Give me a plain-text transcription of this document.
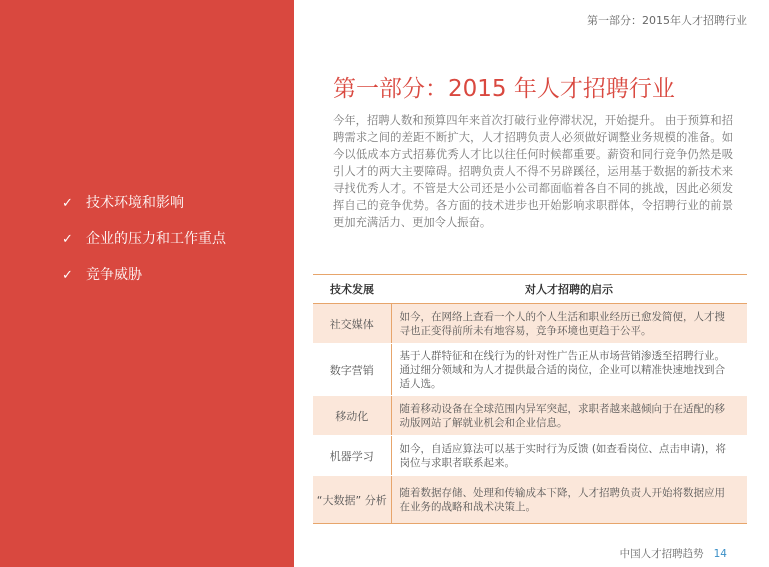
✓ 技术环境和影响
✓ 企业的压力和工作重点
✓ 竞争威胁
第一部分：2015年人才招聘行业
第一部分：2015 年人才招聘行业

今年，招聘人数和预算四年来首次打破行业停滞状况，开始提升。 由于预算和招聘需求之间的差距不断扩大，人才招聘负责人必须做好调整业务规模的准备。如今以低成本方式招募优秀人才比以往任何时候都重要。薪资和同行竞争仍然是吸引人才的两大主要障碍。招聘负责人不得不另辟蹊径，运用基于数据的新技术来寻找优秀人才。不管是大公司还是小公司都面临着各自不同的挑战，因此必须发挥自己的竞争优势。各方面的技术进步也开始影响求职群体，令招聘行业的前景更加充满活力、更加令人振奋。

技术发展	对人才招聘的启示
社交媒体	如今，在网络上查看一个人的个人生活和职业经历已愈发简便，人才搜寻也正变得前所未有地容易，竞争环境也更趋于公平。
数字营销	基于人群特征和在线行为的针对性广告正从市场营销渗透至招聘行业。 通过细分领域和为人才提供最合适的岗位，企业可以精准快速地找到合适人选。
移动化	随着移动设备在全球范围内异军突起，求职者越来越倾向于在适配的移动版网站了解就业机会和企业信息。
机器学习	如今，自适应算法可以基于实时行为反馈 (如查看岗位、点击申请)，将岗位与求职者联系起来。
“大数据” 分析	随着数据存储、处理和传输成本下降，人才招聘负责人开始将数据应用在业务的战略和战术决策上。
中国人才招聘趋势 14
